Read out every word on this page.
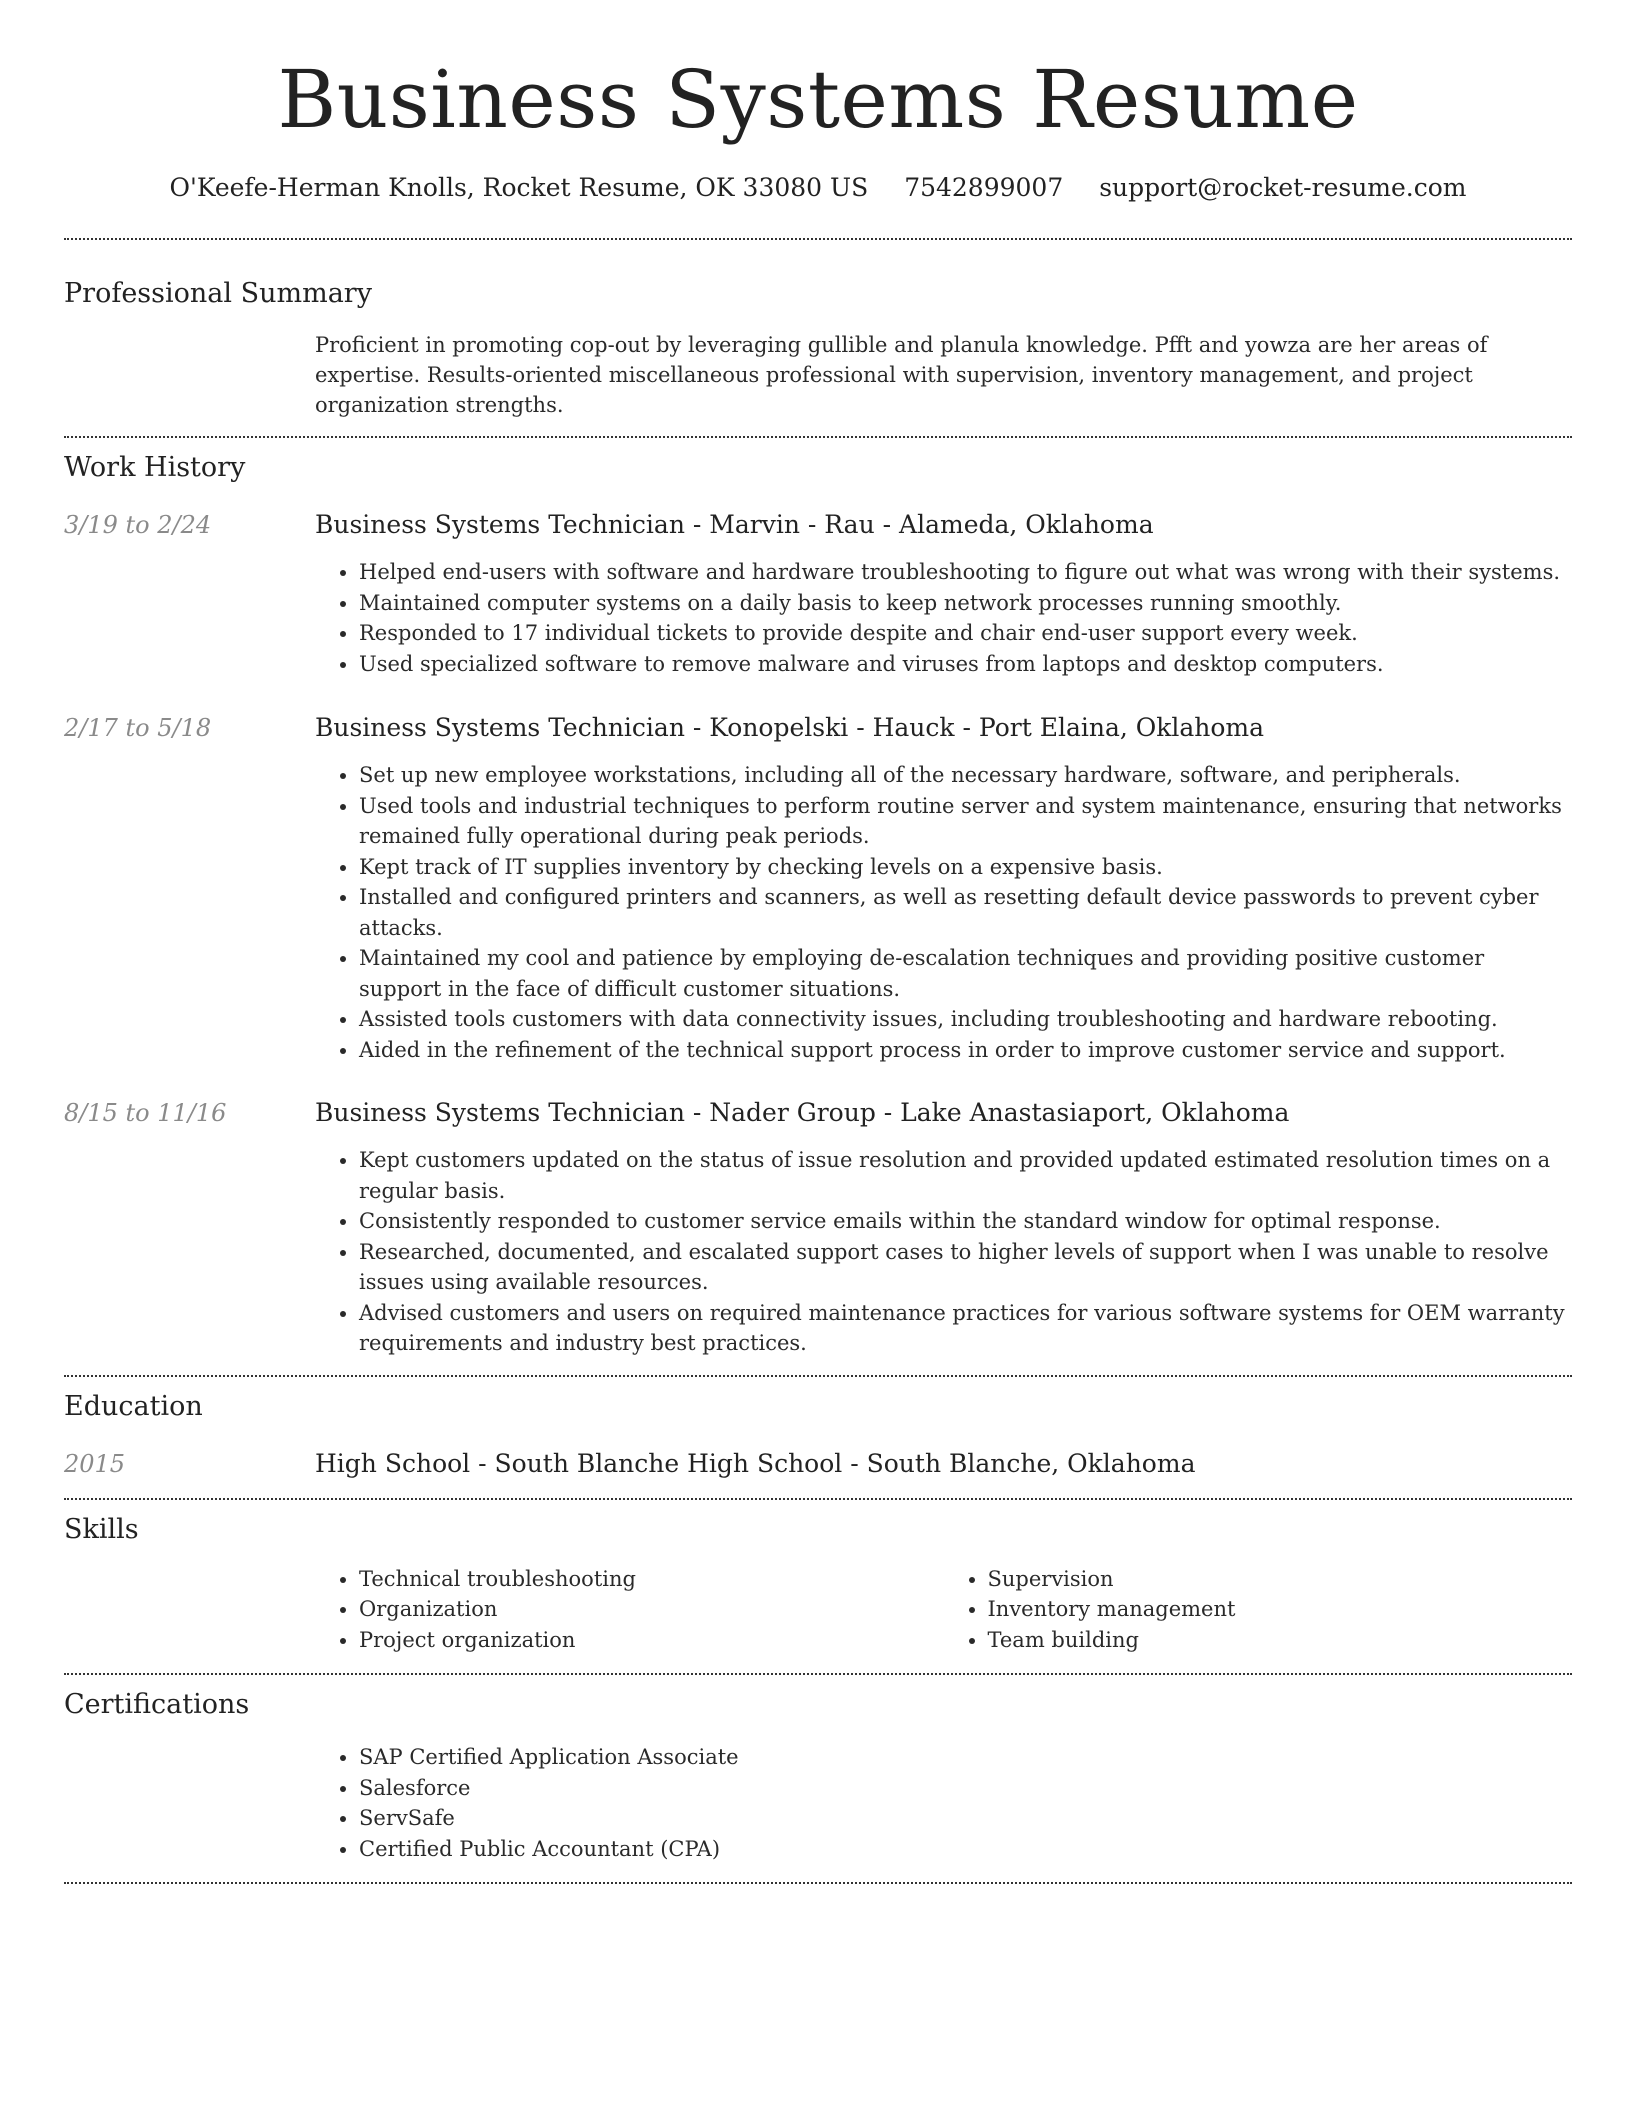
Business Systems Resume
O'Keefe-Herman Knolls, Rocket Resume, OK 33080 US 7542899007 support@rocket-resume.com
Professional Summary

Proficient in promoting cop-out by leveraging gullible and planula knowledge. Pfft and yowza are her areas of expertise. Results-oriented miscellaneous professional with supervision, inventory management, and project organization strengths.

Work History
3/19 to 2/24	Business Systems Technician - Marvin - Rau - Alameda, Oklahoma
• Helped end-users with software and hardware troubleshooting to figure out what was wrong with their systems.
• Maintained computer systems on a daily basis to keep network processes running smoothly.
• Responded to 17 individual tickets to provide despite and chair end-user support every week.
• Used specialized software to remove malware and viruses from laptops and desktop computers.
2/17 to 5/18	Business Systems Technician - Konopelski - Hauck - Port Elaina, Oklahoma
• Set up new employee workstations, including all of the necessary hardware, software, and peripherals.
• Used tools and industrial techniques to perform routine server and system maintenance, ensuring that networks remained fully operational during peak periods.
• Kept track of IT supplies inventory by checking levels on a expensive basis.
• Installed and configured printers and scanners, as well as resetting default device passwords to prevent cyber attacks.
• Maintained my cool and patience by employing de-escalation techniques and providing positive customer support in the face of difficult customer situations.
• Assisted tools customers with data connectivity issues, including troubleshooting and hardware rebooting.
• Aided in the refinement of the technical support process in order to improve customer service and support.
8/15 to 11/16	Business Systems Technician - Nader Group - Lake Anastasiaport, Oklahoma
• Kept customers updated on the status of issue resolution and provided updated estimated resolution times on a regular basis.
• Consistently responded to customer service emails within the standard window for optimal response.
• Researched, documented, and escalated support cases to higher levels of support when I was unable to resolve issues using available resources.
• Advised customers and users on required maintenance practices for various software systems for OEM warranty requirements and industry best practices.
Education
2015	High School - South Blanche High School - South Blanche, Oklahoma
Skills
• Technical troubleshooting
• Organization
• Project organization
• Supervision
• Inventory management
• Team building
Certifications
• SAP Certified Application Associate
• Salesforce
• ServSafe
• Certified Public Accountant (CPA)
